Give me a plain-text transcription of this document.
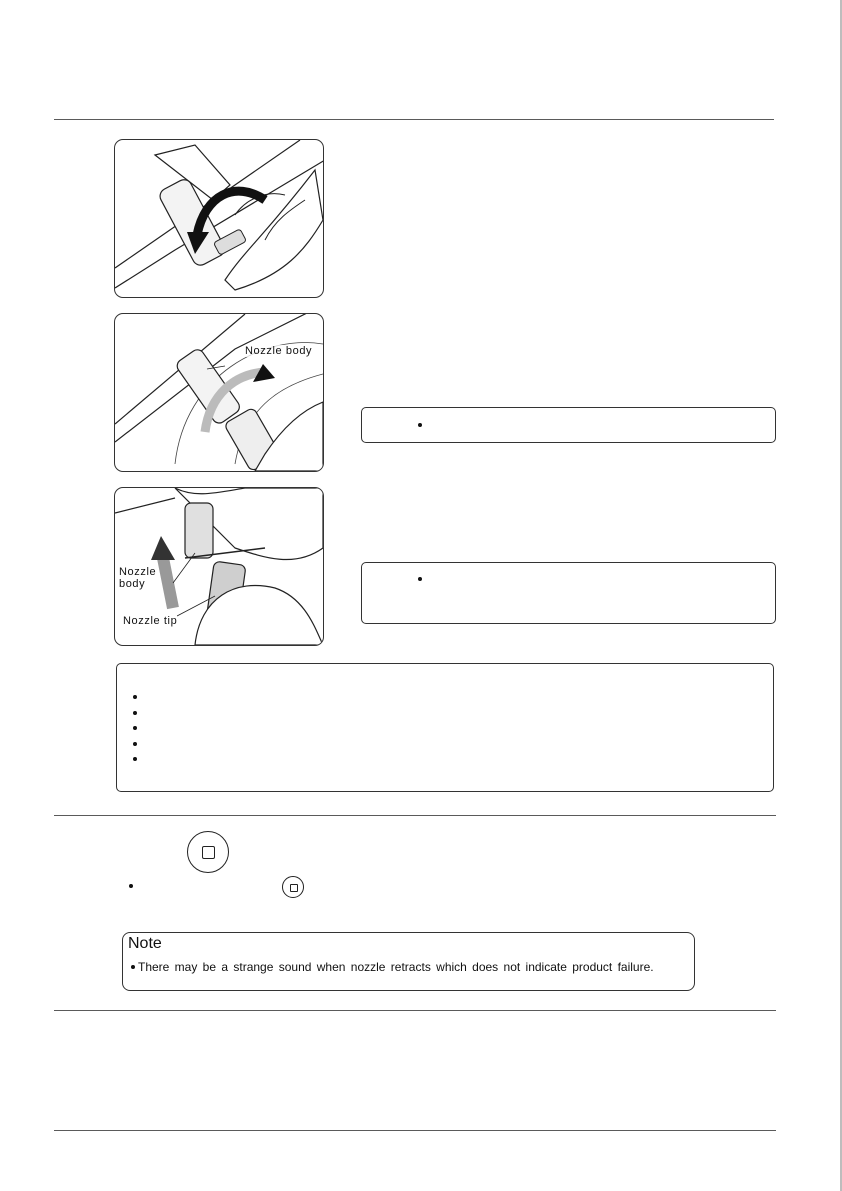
Nozzle body
Nozzle
body
Nozzle tip
Note
There may be a strange sound when nozzle retracts which does not indicate product failure.
